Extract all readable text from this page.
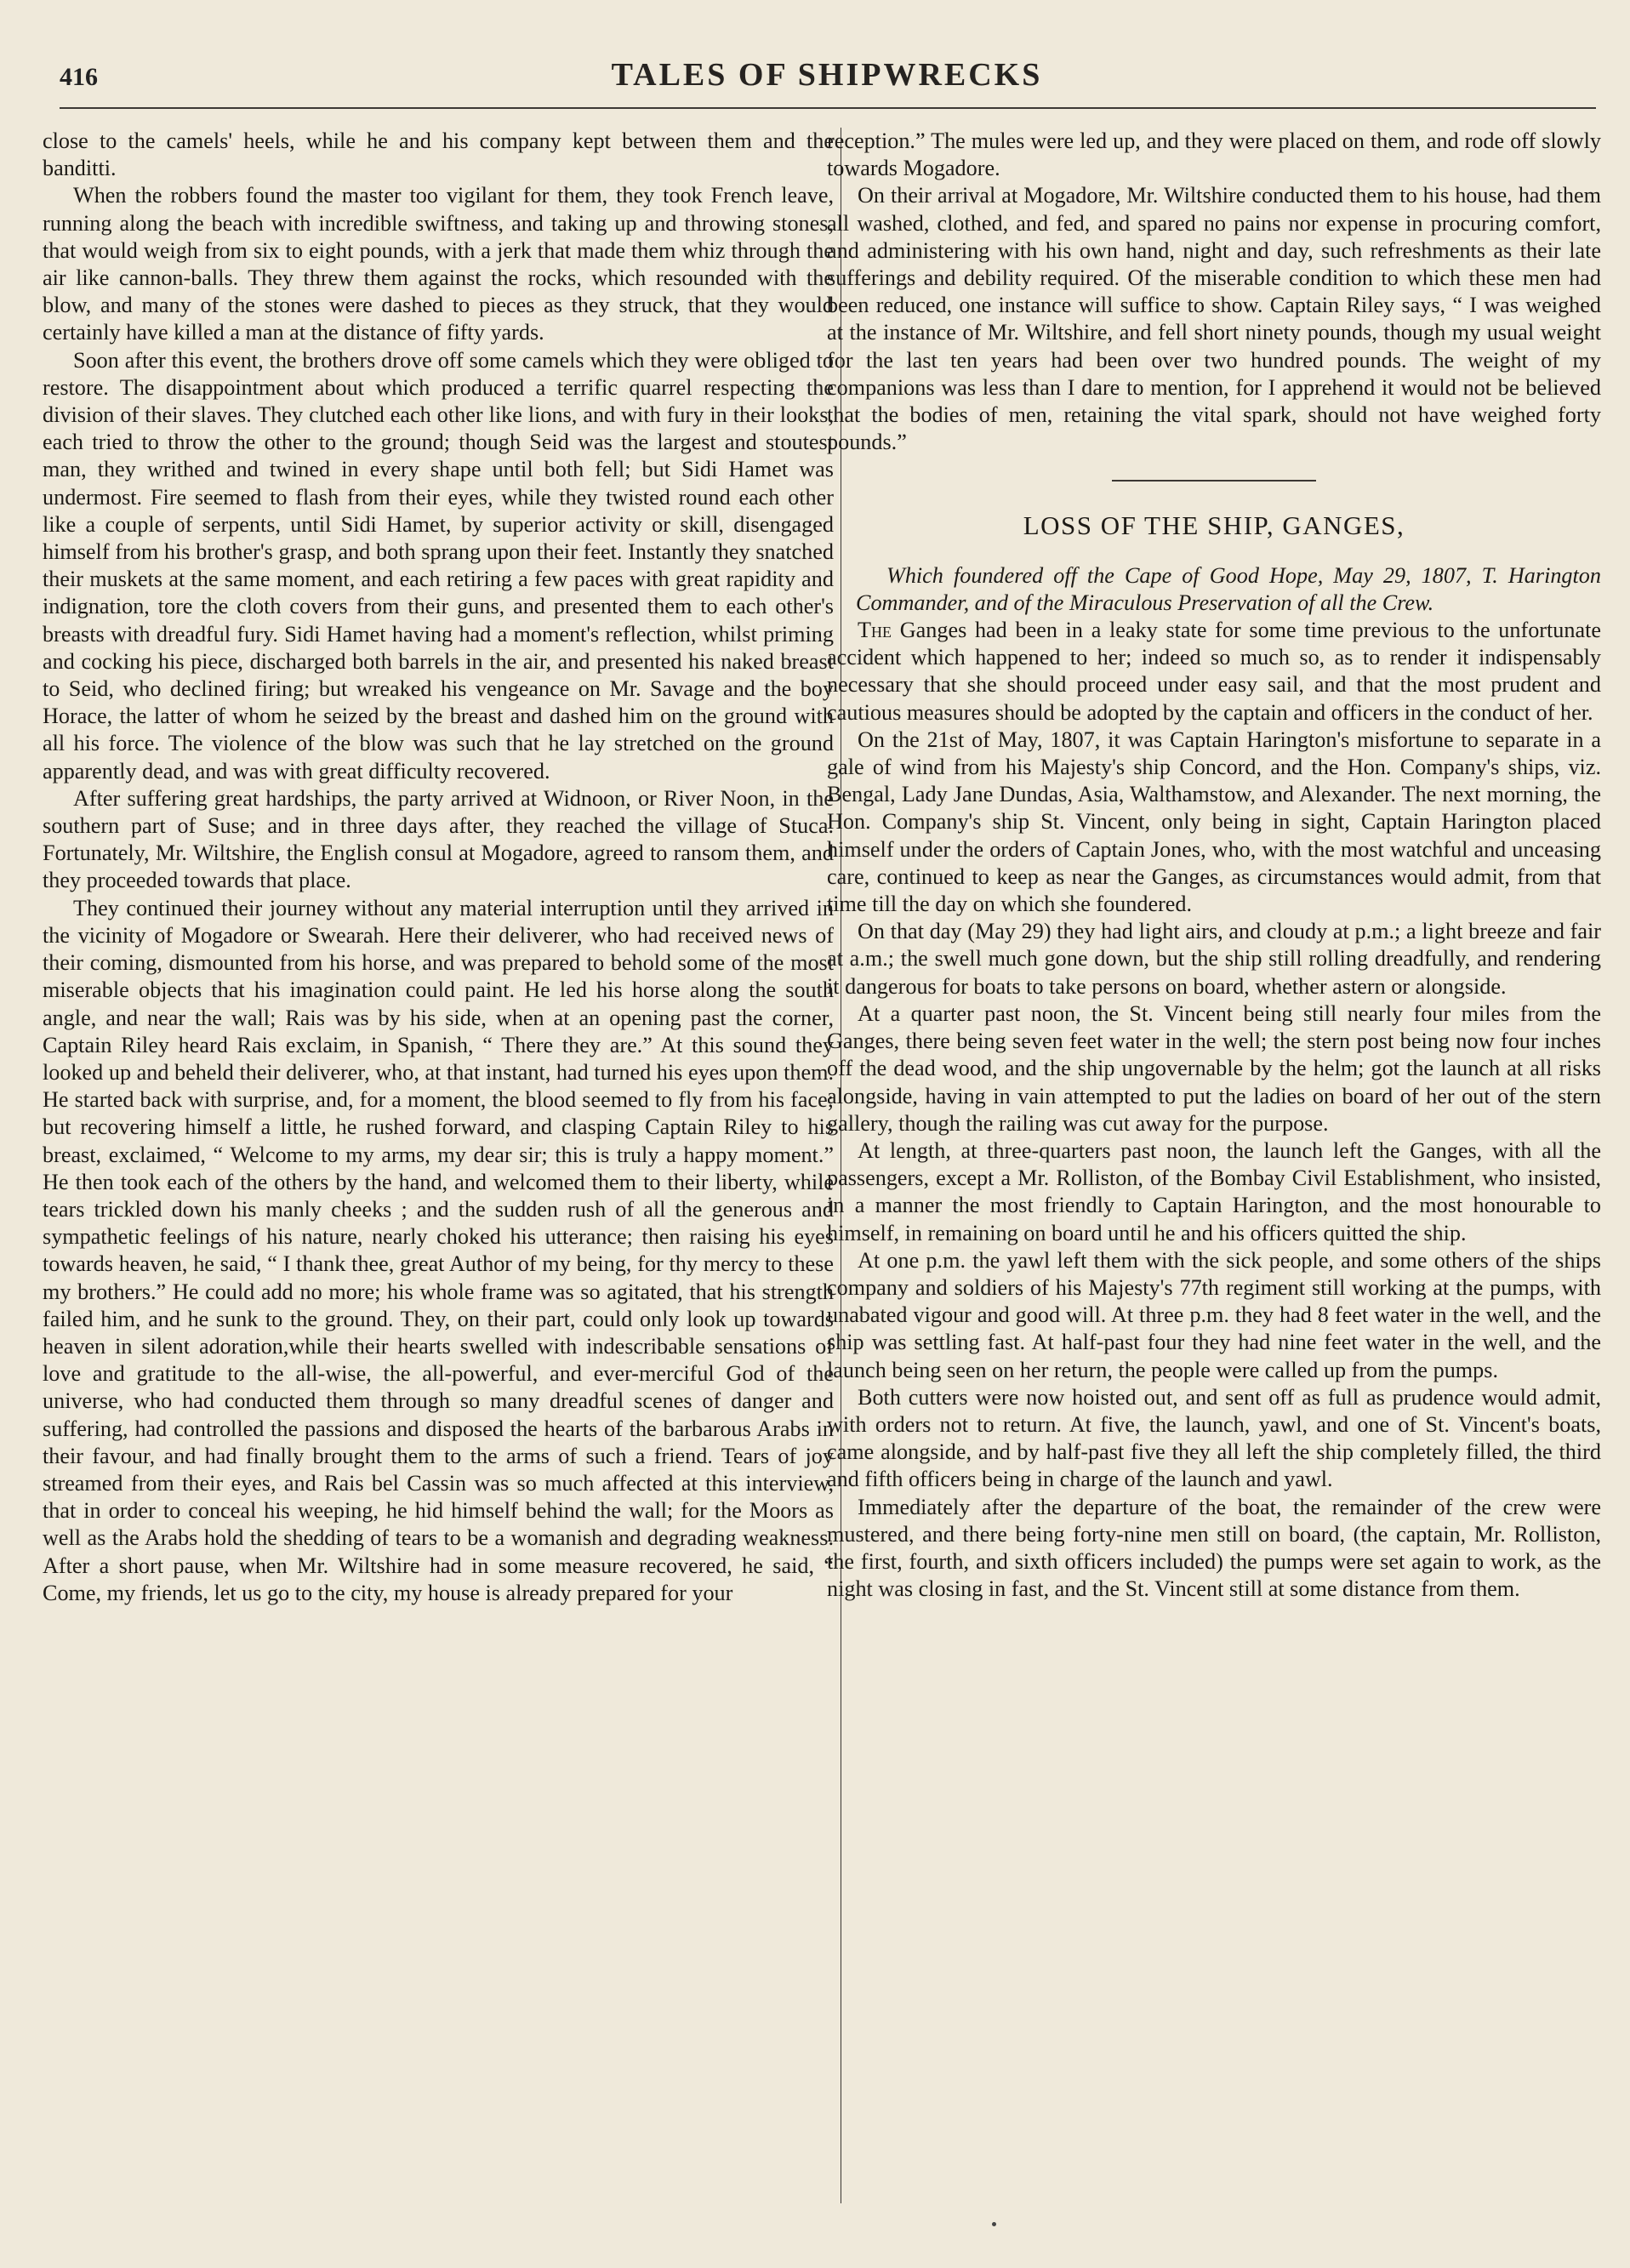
416	TALES OF SHIPWRECKS

close to the camels' heels, while he and his company kept between them and the banditti.

When the robbers found the master too vigilant for them, they took French leave, running along the beach with incredible swiftness, and taking up and throwing stones, that would weigh from six to eight pounds, with a jerk that made them whiz through the air like cannon-balls. They threw them against the rocks, which resounded with the blow, and many of the stones were dashed to pieces as they struck, that they would certainly have killed a man at the distance of fifty yards.

Soon after this event, the brothers drove off some camels which they were obliged to restore. The disappointment about which produced a terrific quarrel respecting the division of their slaves. They clutched each other like lions, and with fury in their looks, each tried to throw the other to the ground; though Seid was the largest and stoutest man, they writhed and twined in every shape until both fell; but Sidi Hamet was undermost. Fire seemed to flash from their eyes, while they twisted round each other like a couple of serpents, until Sidi Hamet, by superior activity or skill, disengaged himself from his brother's grasp, and both sprang upon their feet. Instantly they snatched their muskets at the same moment, and each retiring a few paces with great rapidity and indignation, tore the cloth covers from their guns, and presented them to each other's breasts with dreadful fury. Sidi Hamet having had a moment's reflection, whilst priming and cocking his piece, discharged both barrels in the air, and presented his naked breast to Seid, who declined firing; but wreaked his vengeance on Mr. Savage and the boy Horace, the latter of whom he seized by the breast and dashed him on the ground with all his force. The violence of the blow was such that he lay stretched on the ground apparently dead, and was with great difficulty recovered.

After suffering great hardships, the party arrived at Widnoon, or River Noon, in the southern part of Suse; and in three days after, they reached the village of Stuca. Fortunately, Mr. Wiltshire, the English consul at Mogadore, agreed to ransom them, and they proceeded towards that place.

They continued their journey without any material interruption until they arrived in the vicinity of Mogadore or Swearah. Here their deliverer, who had received news of their coming, dismounted from his horse, and was prepared to behold some of the most miserable objects that his imagination could paint. He led his horse along the south angle, and near the wall; Rais was by his side, when at an opening past the corner, Captain Riley heard Rais exclaim, in Spanish, “ There they are.” At this sound they looked up and beheld their deliverer, who, at that instant, had turned his eyes upon them. He started back with surprise, and, for a moment, the blood seemed to fly from his face; but recovering himself a little, he rushed forward, and clasping Captain Riley to his breast, exclaimed, “ Welcome to my arms, my dear sir; this is truly a happy moment.” He then took each of the others by the hand, and welcomed them to their liberty, while tears trickled down his manly cheeks ; and the sudden rush of all the generous and sympathetic feelings of his nature, nearly choked his utterance; then raising his eyes towards heaven, he said, “ I thank thee, great Author of my being, for thy mercy to these my brothers.” He could add no more; his whole frame was so agitated, that his strength failed him, and he sunk to the ground. They, on their part, could only look up towards heaven in silent adoration,while their hearts swelled with indescribable sensations of love and gratitude to the all-wise, the all-powerful, and ever-merciful God of the universe, who had conducted them through so many dreadful scenes of danger and suffering, had controlled the passions and disposed the hearts of the barbarous Arabs in their favour, and had finally brought them to the arms of such a friend. Tears of joy streamed from their eyes, and Rais bel Cassin was so much affected at this interview, that in order to conceal his weeping, he hid himself behind the wall; for the Moors as well as the Arabs hold the shedding of tears to be a womanish and degrading weakness. After a short pause, when Mr. Wiltshire had in some measure recovered, he said, “ Come, my friends, let us go to the city, my house is already prepared for your

reception.” The mules were led up, and they were placed on them, and rode off slowly towards Mogadore.

On their arrival at Mogadore, Mr. Wiltshire conducted them to his house, had them all washed, clothed, and fed, and spared no pains nor expense in procuring comfort, and administering with his own hand, night and day, such refreshments as their late sufferings and debility required. Of the miserable condition to which these men had been reduced, one instance will suffice to show. Captain Riley says, “ I was weighed at the instance of Mr. Wiltshire, and fell short ninety pounds, though my usual weight for the last ten years had been over two hundred pounds. The weight of my companions was less than I dare to mention, for I apprehend it would not be believed that the bodies of men, retaining the vital spark, should not have weighed forty pounds.”

LOSS OF THE SHIP, GANGES,

Which foundered off the Cape of Good Hope, May 29, 1807, T. Harington Commander, and of the Miraculous Preservation of all the Crew.

The Ganges had been in a leaky state for some time previous to the unfortunate accident which happened to her; indeed so much so, as to render it indispensably necessary that she should proceed under easy sail, and that the most prudent and cautious measures should be adopted by the captain and officers in the conduct of her.

On the 21st of May, 1807, it was Captain Harington's misfortune to separate in a gale of wind from his Majesty's ship Concord, and the Hon. Company's ships, viz. Bengal, Lady Jane Dundas, Asia, Walthamstow, and Alexander. The next morning, the Hon. Company's ship St. Vincent, only being in sight, Captain Harington placed himself under the orders of Captain Jones, who, with the most watchful and unceasing care, continued to keep as near the Ganges, as circumstances would admit, from that time till the day on which she foundered.

On that day (May 29) they had light airs, and cloudy at p.m.; a light breeze and fair at a.m.; the swell much gone down, but the ship still rolling dreadfully, and rendering it dangerous for boats to take persons on board, whether astern or alongside.

At a quarter past noon, the St. Vincent being still nearly four miles from the Ganges, there being seven feet water in the well; the stern post being now four inches off the dead wood, and the ship ungovernable by the helm; got the launch at all risks alongside, having in vain attempted to put the ladies on board of her out of the stern gallery, though the railing was cut away for the purpose.

At length, at three-quarters past noon, the launch left the Ganges, with all the passengers, except a Mr. Rolliston, of the Bombay Civil Establishment, who insisted, in a manner the most friendly to Captain Harington, and the most honourable to himself, in remaining on board until he and his officers quitted the ship.

At one p.m. the yawl left them with the sick people, and some others of the ships company and soldiers of his Majesty's 77th regiment still working at the pumps, with unabated vigour and good will. At three p.m. they had 8 feet water in the well, and the ship was settling fast. At half-past four they had nine feet water in the well, and the launch being seen on her return, the people were called up from the pumps.

Both cutters were now hoisted out, and sent off as full as prudence would admit, with orders not to return. At five, the launch, yawl, and one of St. Vincent's boats, came alongside, and by half-past five they all left the ship completely filled, the third and fifth officers being in charge of the launch and yawl.

Immediately after the departure of the boat, the remainder of the crew were mustered, and there being forty-nine men still on board, (the captain, Mr. Rolliston, the first, fourth, and sixth officers included) the pumps were set again to work, as the night was closing in fast, and the St. Vincent still at some distance from them.
